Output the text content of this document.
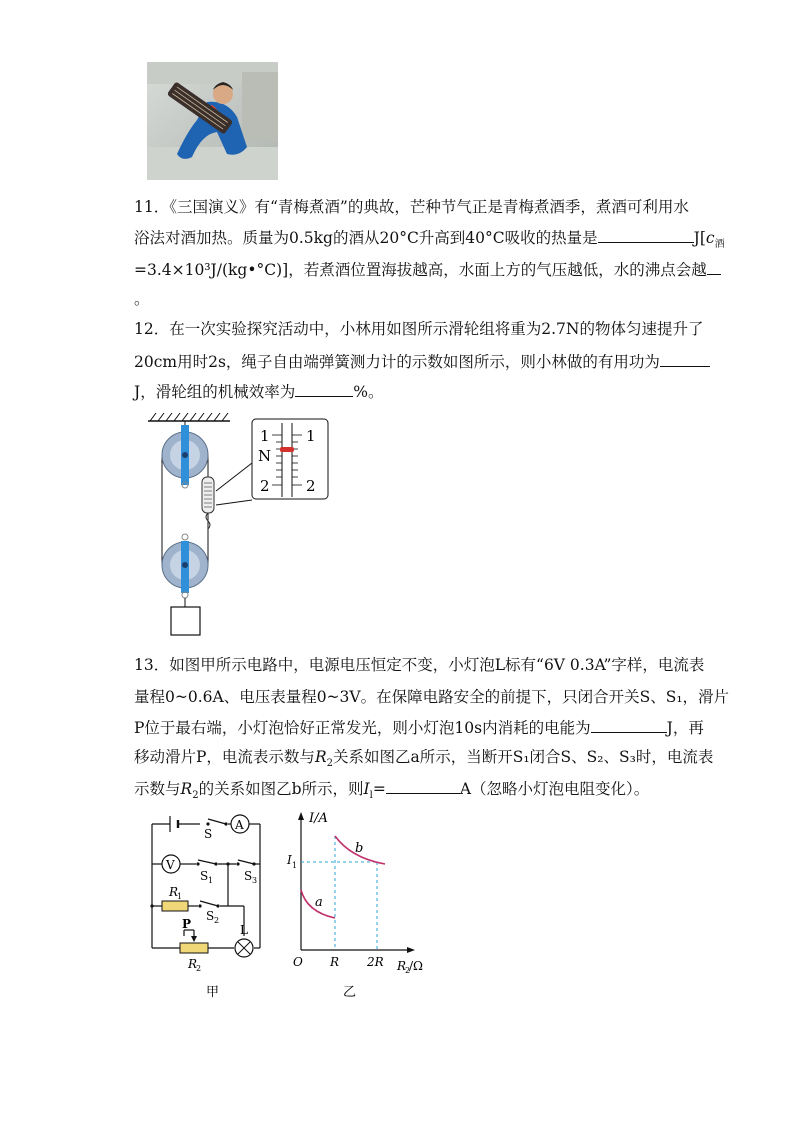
11．《三国演义》有“青梅煮酒”的典故，芒种节气正是青梅煮酒季，煮酒可利用水
浴法对酒加热。质量为0.5kg的酒从20°C升高到40°C吸收的热量是	$J[c_酒$
=3.4×10³J/(kg•°C)]，若煮酒位置海拔越高，水面上方的气压越低，水的沸点会越
。
12．在一次实验探究活动中，小林用如图所示滑轮组将重为2.7N的物体匀速提升了
20cm用时2s，绳子自由端弹簧测力计的示数如图所示，则小林做的有用功为
J，滑轮组的机械效率为	%。
1 1
N
2 2
13．如图甲所示电路中，电源电压恒定不变，小灯泡L标有“6V 0.3A”字样，电流表
量程0~0.6A、电压表量程0~3V。在保障电路安全的前提下，只闭合开关S、S₁，滑片
P位于最右端，小灯泡恰好正常发光，则小灯泡10s内消耗的电能为	J，再
移动滑片P，电流表示数与$R_2$关系如图乙a所示，当断开S₁闭合S、S₂、S₃时，电流表
示数与$R_2$的关系如图乙b所示，则$I_l=$	A（忽略小灯泡电阻变化）。
A
V
S
S 1	S 3
R
1
S 2
P	L
R
2
甲
I/A
I 1
b
a
O R 2R R
2
/Ω
乙
